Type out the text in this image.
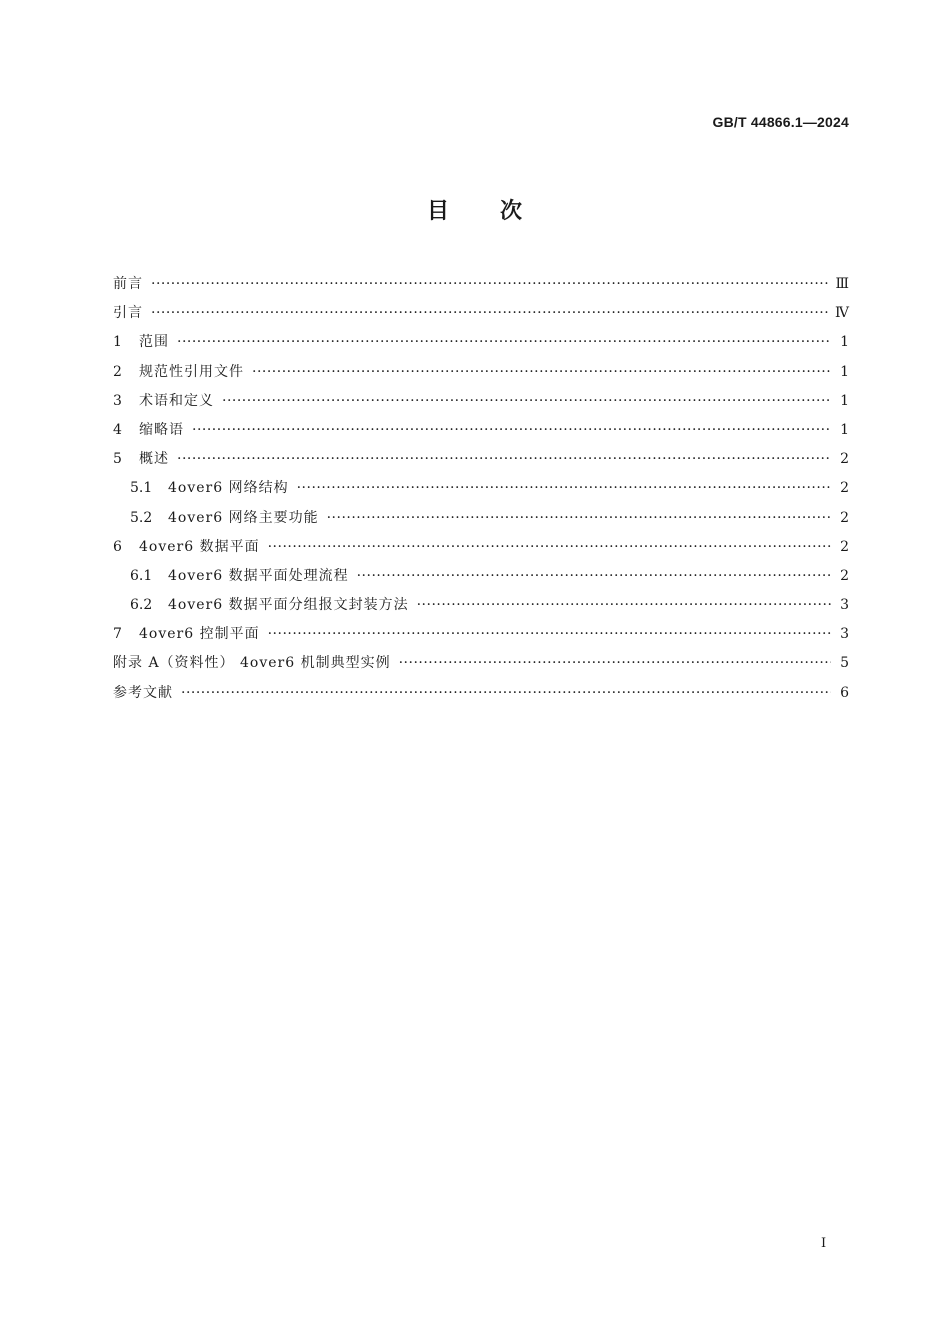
GB/T 44866.1—2024
目 次
前言 ·····	Ⅲ
引言 ·····	Ⅳ
1	范围 ·····	1
2	规范性引用文件 ·····	1
3	术语和定义 ·····	1
4	缩略语 ·····	1
5	概述 ·····	2
5.1	4over6 网络结构 ·····	2
5.2	4over6 网络主要功能 ·····	2
6	4over6 数据平面 ·····	2
6.1	4over6 数据平面处理流程 ·····	2
6.2	4over6 数据平面分组报文封装方法 ·····	3
7	4over6 控制平面 ·····	3
附录 A（资料性） 4over6 机制典型实例 ·····	5
参考文献 ·····	6
I
